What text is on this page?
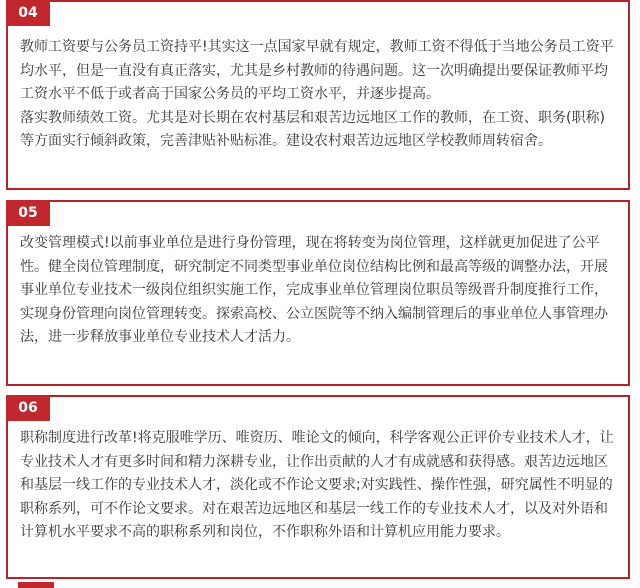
04

教师工资要与公务员工资持平!其实这一点国家早就有规定，教师工资不得低于当地公务员工资平均水平，但是一直没有真正落实，尤其是乡村教师的待遇问题。这一次明确提出要保证教师平均工资水平不低于或者高于国家公务员的平均工资水平，并逐步提高。

落实教师绩效工资。尤其是对长期在农村基层和艰苦边远地区工作的教师，在工资、职务(职称)等方面实行倾斜政策，完善津贴补贴标准。建设农村艰苦边远地区学校教师周转宿舍。

05

改变管理模式!以前事业单位是进行身份管理，现在将转变为岗位管理，这样就更加促进了公平性。健全岗位管理制度，研究制定不同类型事业单位岗位结构比例和最高等级的调整办法，开展事业单位专业技术一级岗位组织实施工作，完成事业单位管理岗位职员等级晋升制度推行工作，实现身份管理向岗位管理转变。探索高校、公立医院等不纳入编制管理后的事业单位人事管理办法，进一步释放事业单位专业技术人才活力。

06

职称制度进行改革!将克服唯学历、唯资历、唯论文的倾向，科学客观公正评价专业技术人才，让专业技术人才有更多时间和精力深耕专业，让作出贡献的人才有成就感和获得感。艰苦边远地区和基层一线工作的专业技术人才，淡化或不作论文要求;对实践性、操作性强，研究属性不明显的职称系列，可不作论文要求。对在艰苦边远地区和基层一线工作的专业技术人才，以及对外语和计算机水平要求不高的职称系列和岗位，不作职称外语和计算机应用能力要求。
